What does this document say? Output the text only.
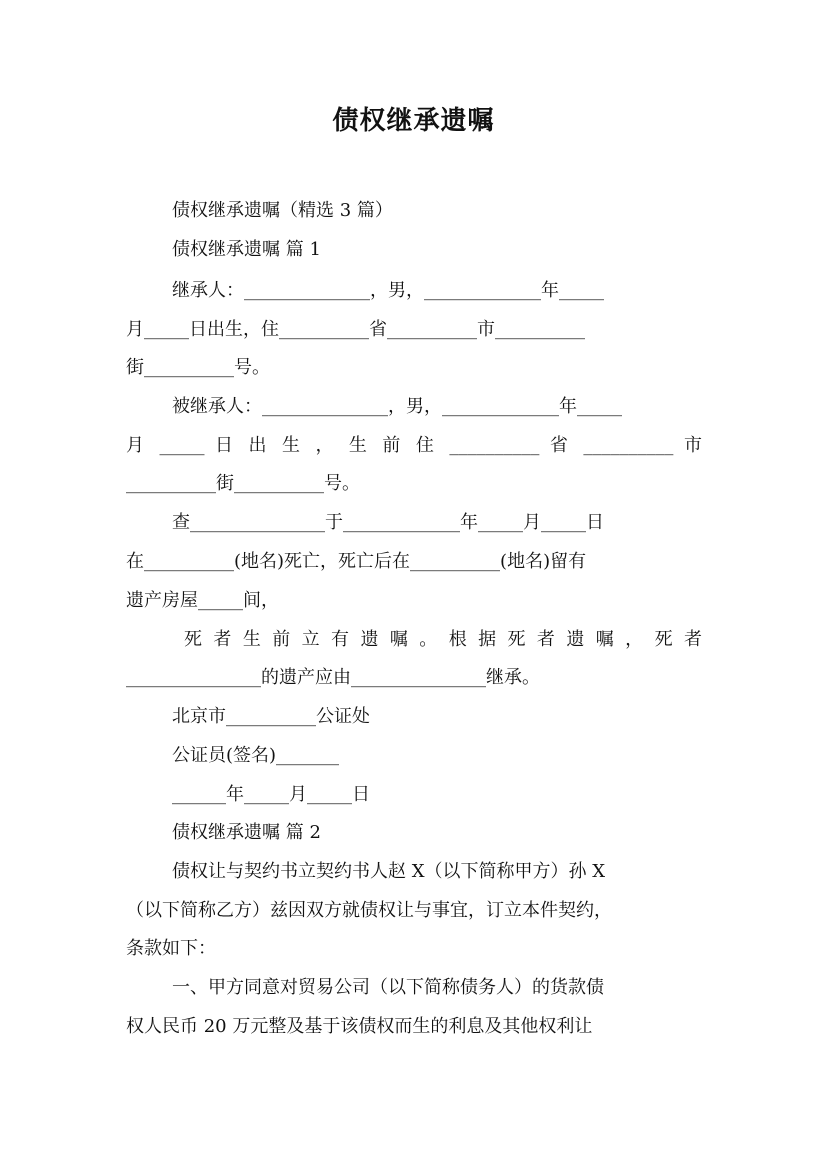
债权继承遗嘱
债权继承遗嘱（精选 3 篇）
债权继承遗嘱 篇 1
继承人：______________，男，_____________年_____
月_____日出生，住__________省__________市__________
街__________号。
被继承人：______________，男，_____________年_____
月 _____ 日 出 生 ， 生 前 住 __________ 省 __________ 市
__________街__________号。
查_______________于_____________年_____月_____日
在__________(地名)死亡，死亡后在__________(地名)留有
遗产房屋_____间，
死 者 生 前 立 有 遗 嘱 。 根 据 死 者 遗 嘱 ， 死 者
_______________的遗产应由_______________继承。
北京市__________公证处
公证员(签名)_______
______年_____月_____日
债权继承遗嘱 篇 2
债权让与契约书立契约书人赵 X（以下简称甲方）孙 X
（以下简称乙方）兹因双方就债权让与事宜，订立本件契约，
条款如下：
一、甲方同意对贸易公司（以下简称债务人）的货款债
权人民币 20 万元整及基于该债权而生的利息及其他权利让
